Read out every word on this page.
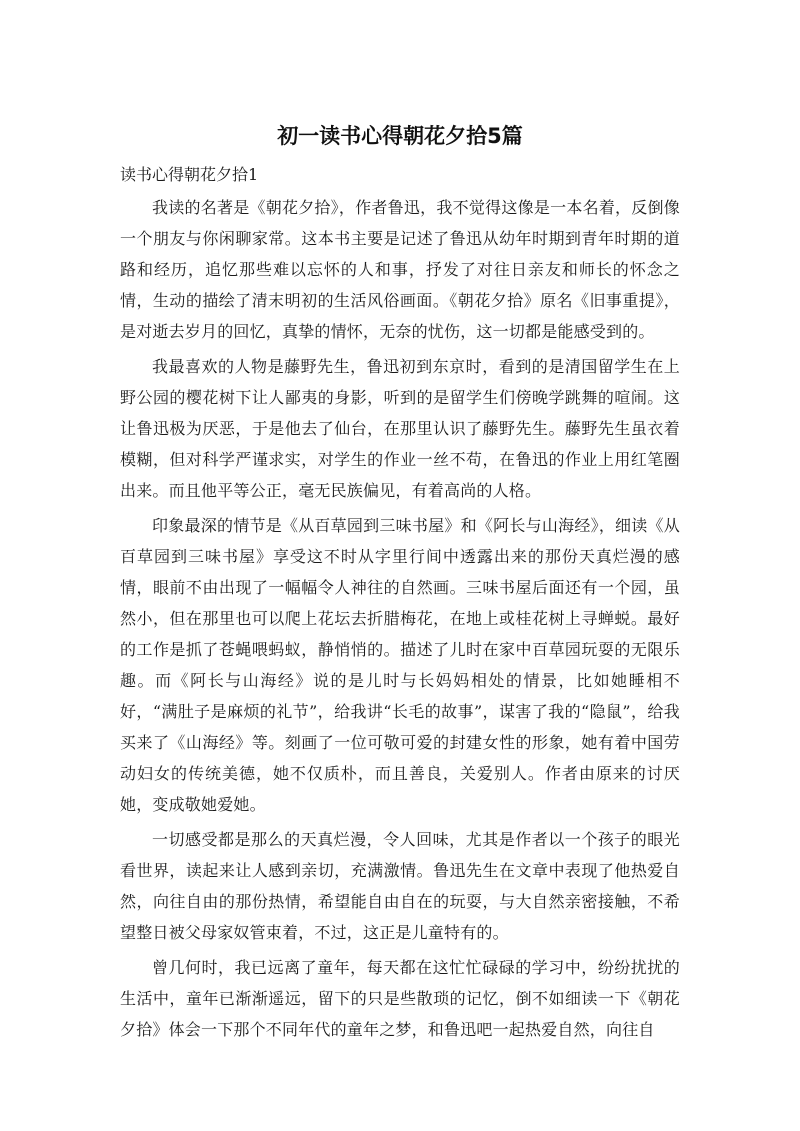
初一读书心得朝花夕拾5篇
读书心得朝花夕拾1

我读的名著是《朝花夕拾》，作者鲁迅，我不觉得这像是一本名着，反倒像一个朋友与你闲聊家常。这本书主要是记述了鲁迅从幼年时期到青年时期的道路和经历，追忆那些难以忘怀的人和事，抒发了对往日亲友和师长的怀念之情，生动的描绘了清末明初的生活风俗画面。《朝花夕拾》原名《旧事重提》，是对逝去岁月的回忆，真挚的情怀，无奈的忧伤，这一切都是能感受到的。

我最喜欢的人物是藤野先生，鲁迅初到东京时，看到的是清国留学生在上野公园的樱花树下让人鄙夷的身影，听到的是留学生们傍晚学跳舞的喧闹。这让鲁迅极为厌恶，于是他去了仙台，在那里认识了藤野先生。藤野先生虽衣着模糊，但对科学严谨求实，对学生的作业一丝不苟，在鲁迅的作业上用红笔圈出来。而且他平等公正，毫无民族偏见，有着高尚的人格。

印象最深的情节是《从百草园到三味书屋》和《阿长与山海经》，细读《从百草园到三味书屋》享受这不时从字里行间中透露出来的那份天真烂漫的感情，眼前不由出现了一幅幅令人神往的自然画。三味书屋后面还有一个园，虽然小，但在那里也可以爬上花坛去折腊梅花，在地上或桂花树上寻蝉蜕。最好的工作是抓了苍蝇喂蚂蚁，静悄悄的。描述了儿时在家中百草园玩耍的无限乐趣。而《阿长与山海经》说的是儿时与长妈妈相处的情景，比如她睡相不好，“满肚子是麻烦的礼节”，给我讲“长毛的故事”，谋害了我的“隐鼠”，给我买来了《山海经》等。刻画了一位可敬可爱的封建女性的形象，她有着中国劳动妇女的传统美德，她不仅质朴，而且善良，关爱别人。作者由原来的讨厌她，变成敬她爱她。

一切感受都是那么的天真烂漫，令人回味，尤其是作者以一个孩子的眼光看世界，读起来让人感到亲切，充满激情。鲁迅先生在文章中表现了他热爱自然，向往自由的那份热情，希望能自由自在的玩耍，与大自然亲密接触，不希望整日被父母家奴管束着，不过，这正是儿童特有的。

曾几何时，我已远离了童年，每天都在这忙忙碌碌的学习中，纷纷扰扰的生活中，童年已渐渐遥远，留下的只是些散琐的记忆，倒不如细读一下《朝花夕拾》体会一下那个不同年代的童年之梦，和鲁迅吧一起热爱自然，向往自
